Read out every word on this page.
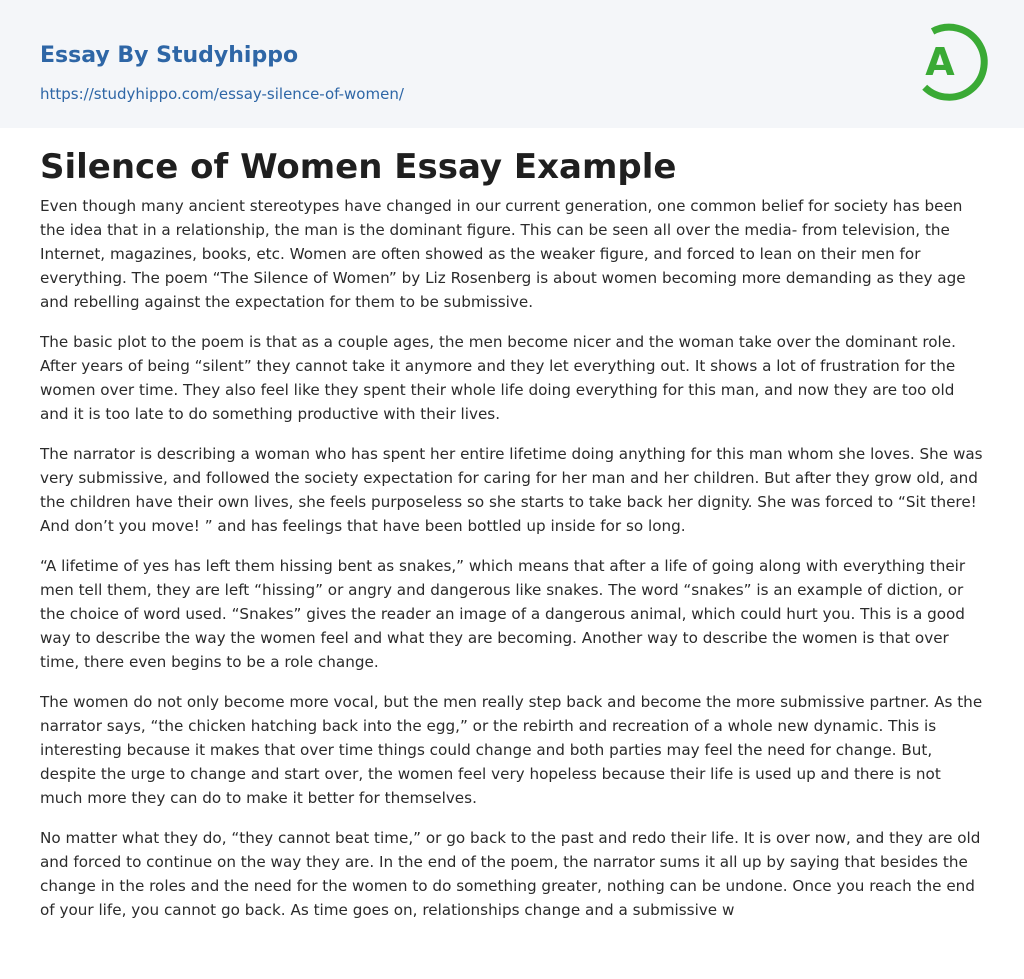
Essay By Studyhippo
https://studyhippo.com/essay-silence-of-women/
A
Silence of Women Essay Example

Even though many ancient stereotypes have changed in our current generation, one common belief for society has been the idea that in a relationship, the man is the dominant figure. This can be seen all over the media- from television, the Internet, magazines, books, etc. Women are often showed as the weaker figure, and forced to lean on their men for everything. The poem “The Silence of Women” by Liz Rosenberg is about women becoming more demanding as they age and rebelling against the expectation for them to be submissive.

The basic plot to the poem is that as a couple ages, the men become nicer and the woman take over the dominant role. After years of being “silent” they cannot take it anymore and they let everything out. It shows a lot of frustration for the women over time. They also feel like they spent their whole life doing everything for this man, and now they are too old and it is too late to do something productive with their lives.

The narrator is describing a woman who has spent her entire lifetime doing anything for this man whom she loves. She was very submissive, and followed the society expectation for caring for her man and her children. But after they grow old, and the children have their own lives, she feels purposeless so she starts to take back her dignity. She was forced to “Sit there! And don’t you move! ” and has feelings that have been bottled up inside for so long.

“A lifetime of yes has left them hissing bent as snakes,” which means that after a life of going along with everything their men tell them, they are left “hissing” or angry and dangerous like snakes. The word “snakes” is an example of diction, or the choice of word used. “Snakes” gives the reader an image of a dangerous animal, which could hurt you. This is a good way to describe the way the women feel and what they are becoming. Another way to describe the women is that over time, there even begins to be a role change.

The women do not only become more vocal, but the men really step back and become the more submissive partner. As the narrator says, “the chicken hatching back into the egg,” or the rebirth and recreation of a whole new dynamic. This is interesting because it makes that over time things could change and both parties may feel the need for change. But, despite the urge to change and start over, the women feel very hopeless because their life is used up and there is not much more they can do to make it better for themselves.

No matter what they do, “they cannot beat time,” or go back to the past and redo their life. It is over now, and they are old and forced to continue on the way they are. In the end of the poem, the narrator sums it all up by saying that besides the change in the roles and the need for the women to do something greater, nothing can be undone. Once you reach the end of your life, you cannot go back. As time goes on, relationships change and a submissive w
